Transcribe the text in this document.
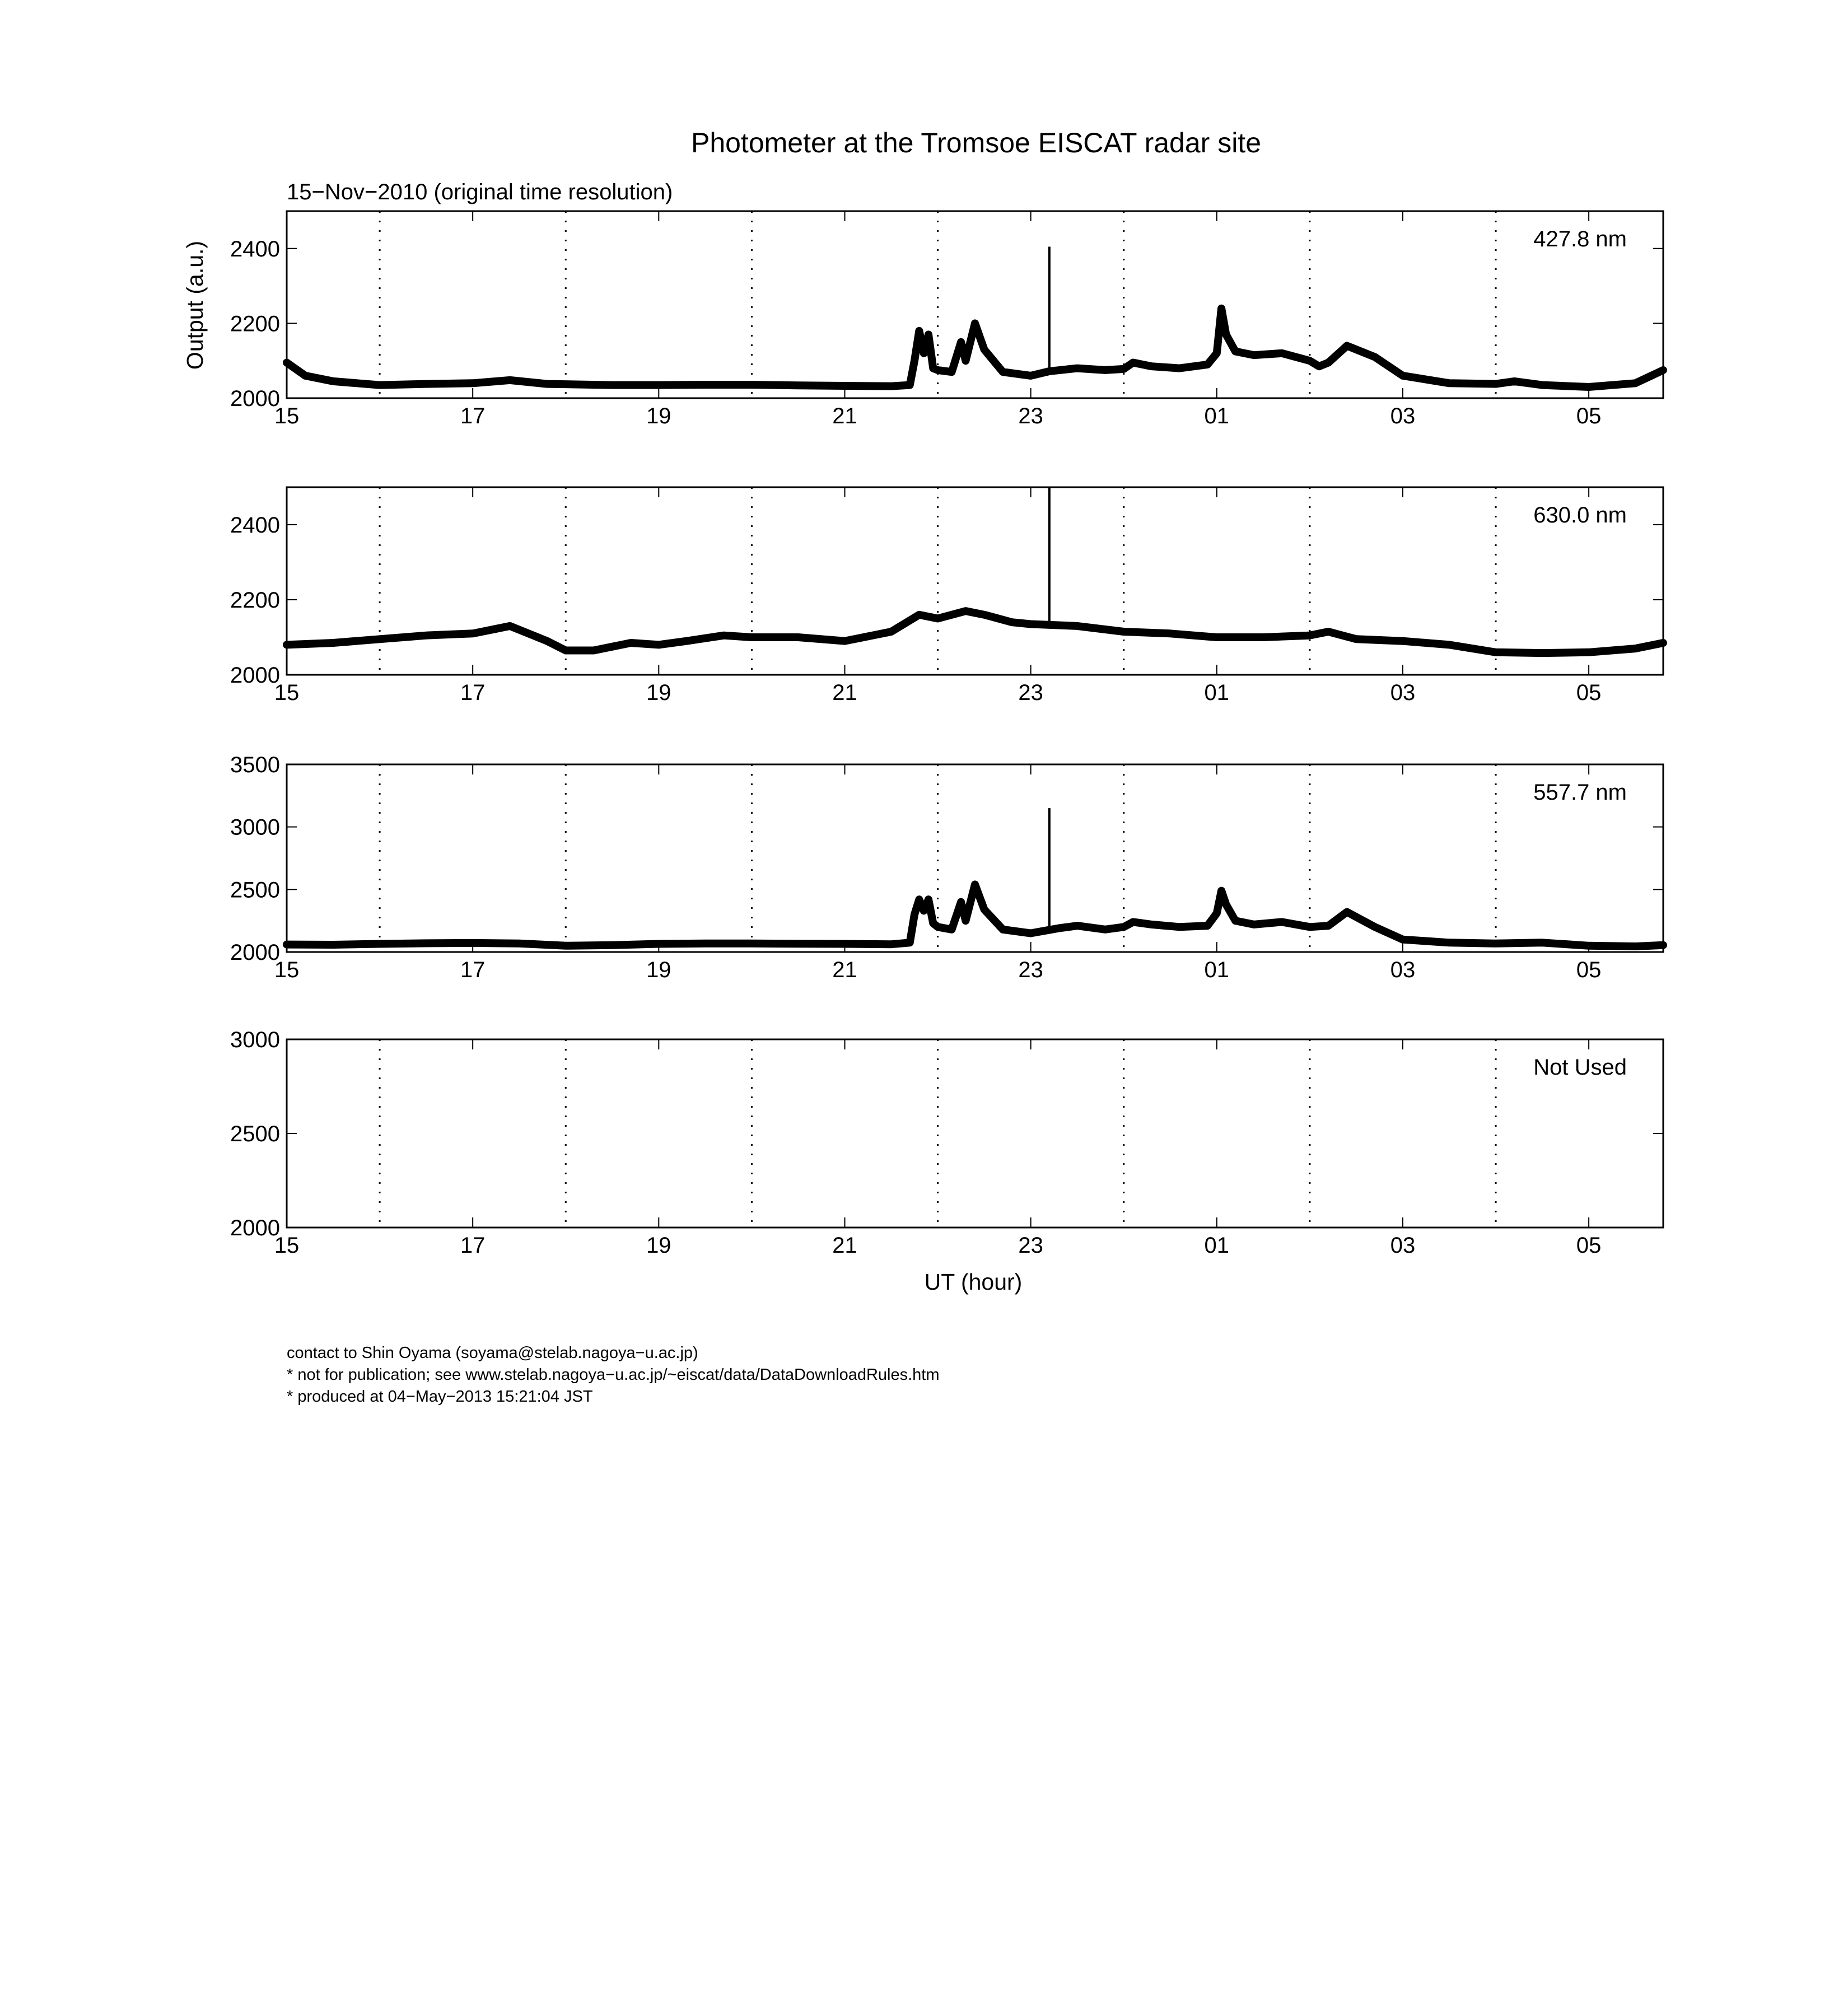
Photometer at the Tromsoe EISCAT radar site
15−Nov−2010 (original time resolution)
Output (a.u.)
UT (hour)
15	17	19	21	23	01	03	05
2000
2200
2400	427.8 nm
15	17	19	21	23	01	03	05
2000
2200
2400	630.0 nm
15	17	19	21	23	01	03	05
2000
2500
3000
3500
557.7 nm
15	17	19	21	23	01	03	05
2000
2500
3000
Not Used
contact to Shin Oyama (soyama@stelab.nagoya−u.ac.jp)
* not for publication; see www.stelab.nagoya−u.ac.jp/~eiscat/data/DataDownloadRules.htm
* produced at 04−May−2013 15:21:04 JST
